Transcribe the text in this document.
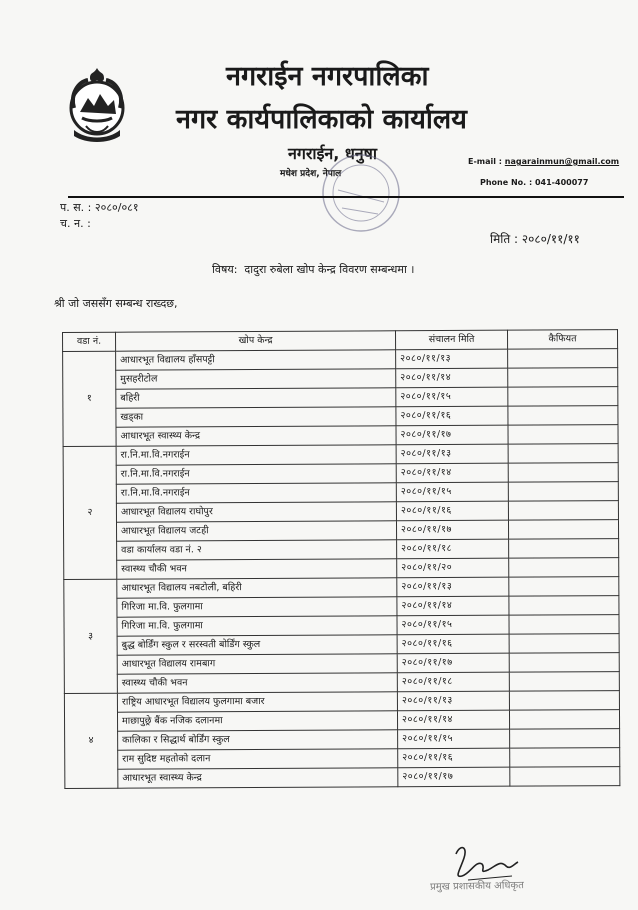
नगराईन नगरपालिका
नगर कार्यपालिकाको कार्यालय
नगराईन, धनुषा
मधेश प्रदेश, नेपाल
E-mail : nagarainmun@gmail.com
Phone No. : 041-400077
प. स. : २०८०/०८१
च. न. :
मिति : २०८०/११/११
विषय: दादुरा रुबेला खोप केन्द्र विवरण सम्बन्धमा ।
श्री जो जससँग सम्बन्ध राख्दछ,
वडा नं.	खोप केन्द्र	संचालन मिति	कैफियत
१	आधारभूत विद्यालय हाँसपट्टी	२०८०/११/१३	
	मुसहरीटोल	२०८०/११/१४	
	बहिरी	२०८०/११/१५	
	खड्का	२०८०/११/१६	
	आधारभूत स्वास्थ्य केन्द्र	२०८०/११/१७	
२	रा.नि.मा.वि.नगराईन	२०८०/११/१३	
	रा.नि.मा.वि.नगराईन	२०८०/११/१४	
	रा.नि.मा.वि.नगराईन	२०८०/११/१५	
	आधारभूत विद्यालय राघोपुर	२०८०/११/१६	
	आधारभूत विद्यालय जटही	२०८०/११/१७	
	वडा कार्यालय वडा नं. २	२०८०/११/१८	
	स्वास्थ्य चौकी भवन	२०८०/११/२०	
३	आधारभूत विद्यालय नबटोली, बहिरी	२०८०/११/१३	
	गिरिजा मा.वि. फुलगामा	२०८०/११/१४	
	गिरिजा मा.वि. फुलगामा	२०८०/११/१५	
	बुद्ध बोर्डिंग स्कुल र सरस्वती बोर्डिंग स्कुल	२०८०/११/१६	
	आधारभूत विद्यालय रामबाग	२०८०/११/१७	
	स्वास्थ्य चौकी भवन	२०८०/११/१८	
४	राष्ट्रिय आधारभूत विद्यालय फुलगामा बजार	२०८०/११/१३	
	माछापुछ्रे बैंक नजिक दलानमा	२०८०/११/१४	
	कालिका र सिद्धार्थ बोर्डिंग स्कुल	२०८०/११/१५	
	राम सुदिष्ट महतोको दलान	२०८०/११/१६	
	आधारभूत स्वास्थ्य केन्द्र	२०८०/११/१७	
प्रमुख प्रशासकीय अधिकृत
